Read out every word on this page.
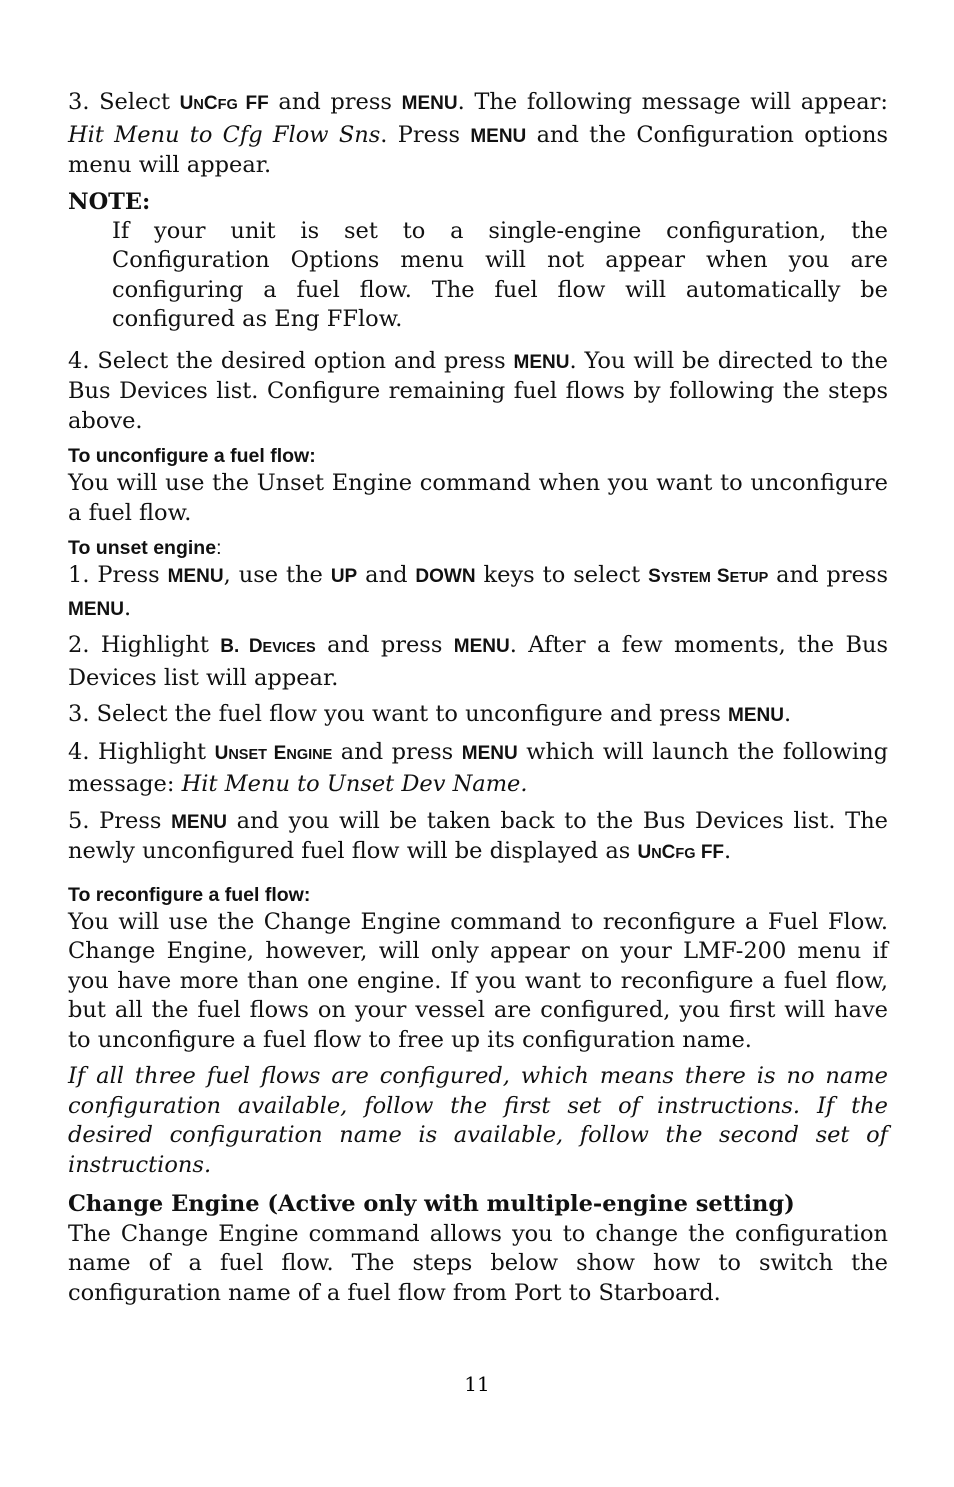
3. Select UNCFG FF and press MENU. The following message will appear: Hit Menu to Cfg Flow Sns. Press MENU and the Configuration options menu will appear.

NOTE:

If your unit is set to a single-engine configuration, the Configuration Options menu will not appear when you are configuring a fuel flow. The fuel flow will automatically be configured as Eng FFlow.

4. Select the desired option and press MENU. You will be directed to the Bus Devices list. Configure remaining fuel flows by following the steps above.

To unconfigure a fuel flow:

You will use the Unset Engine command when you want to unconfigure a fuel flow.

To unset engine:

1. Press MENU, use the UP and DOWN keys to select SYSTEM SETUP and press MENU.

2. Highlight B. DEVICES and press MENU. After a few moments, the Bus Devices list will appear.

3. Select the fuel flow you want to unconfigure and press MENU.

4. Highlight UNSET ENGINE and press MENU which will launch the following message: Hit Menu to Unset Dev Name.

5. Press MENU and you will be taken back to the Bus Devices list. The newly unconfigured fuel flow will be displayed as UNCFG FF.

To reconfigure a fuel flow:

You will use the Change Engine command to reconfigure a Fuel Flow. Change Engine, however, will only appear on your LMF-200 menu if you have more than one engine. If you want to reconfigure a fuel flow, but all the fuel flows on your vessel are configured, you first will have to unconfigure a fuel flow to free up its configuration name.

If all three fuel flows are configured, which means there is no name configuration available, follow the first set of instructions. If the desired configuration name is available, follow the second set of instructions.

Change Engine (Active only with multiple-engine setting)

The Change Engine command allows you to change the configuration name of a fuel flow. The steps below show how to switch the configuration name of a fuel flow from Port to Starboard.

11
